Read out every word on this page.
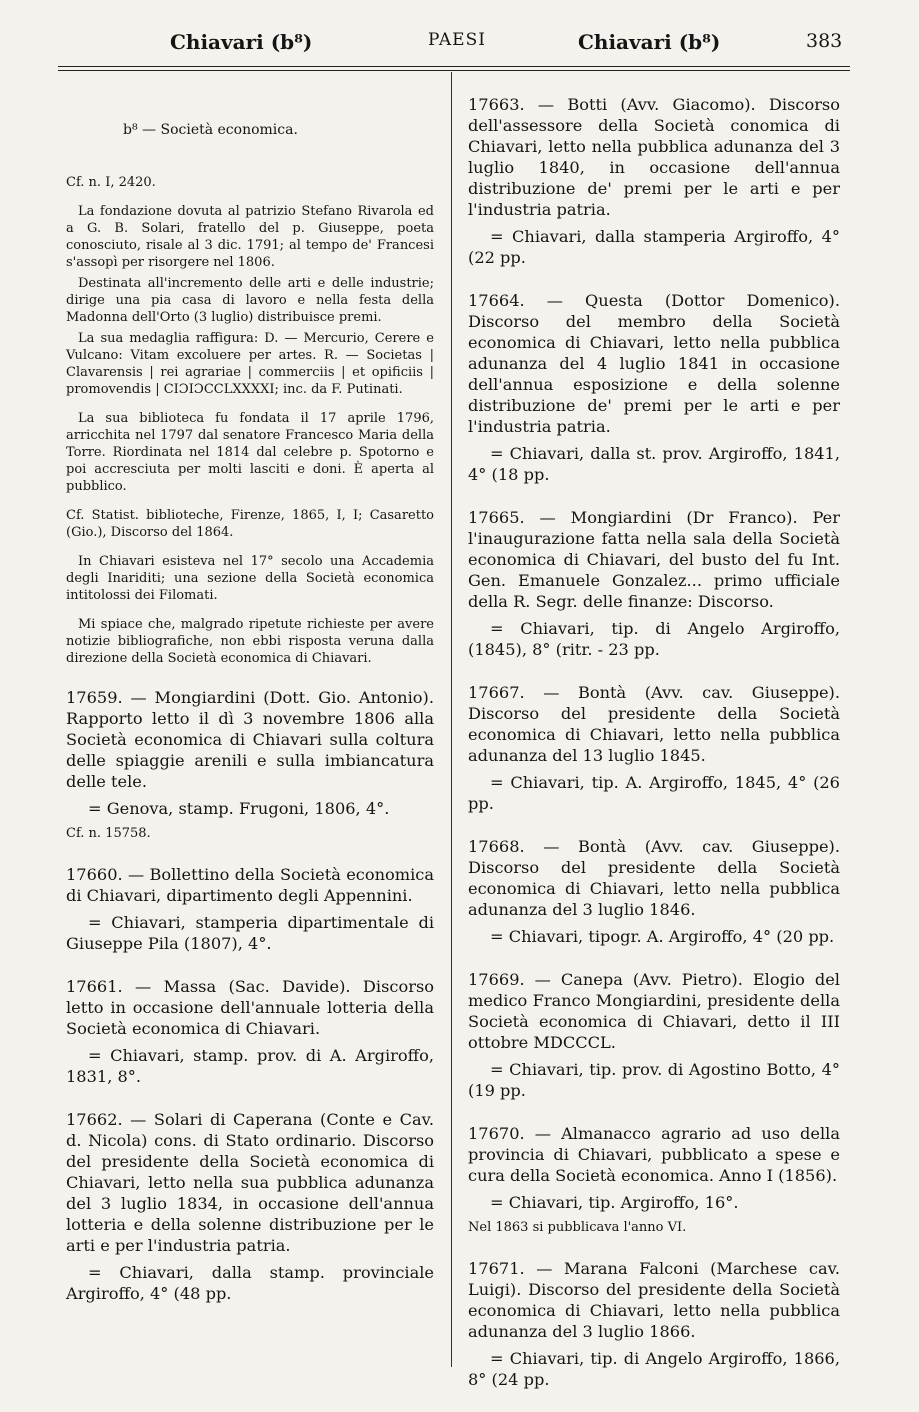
Chiavari (b⁸)	PAESI	Chiavari (b⁸)	383
b⁸ — Società economica.

Cf. n. I, 2420.

La fondazione dovuta al patrizio Stefano Rivarola ed a G. B. Solari, fratello del p. Giuseppe, poeta conosciuto, risale al 3 dic. 1791; al tempo de' Francesi s'assopì per risorgere nel 1806.

Destinata all'incremento delle arti e delle industrie; dirige una pia casa di lavoro e nella festa della Madonna dell'Orto (3 luglio) distribuisce premi.

La sua medaglia raffigura: D. — Mercurio, Cerere e Vulcano: Vitam excoluere per artes. R. — Societas | Clavarensis | rei agrariae | commerciis | et opificiis | promovendis | CIƆIƆCCLXXXXI; inc. da F. Putinati.

La sua biblioteca fu fondata il 17 aprile 1796, arricchita nel 1797 dal senatore Francesco Maria della Torre. Riordinata nel 1814 dal celebre p. Spotorno e poi accresciuta per molti lasciti e doni. È aperta al pubblico.

Cf. Statist. biblioteche, Firenze, 1865, I, I; Casaretto (Gio.), Discorso del 1864.

In Chiavari esisteva nel 17° secolo una Accademia degli Inariditi; una sezione della Società economica intitolossi dei Filomati.

Mi spiace che, malgrado ripetute richieste per avere notizie bibliografiche, non ebbi risposta veruna dalla direzione della Società economica di Chiavari.

17659. — Mongiardini (Dott. Gio. Antonio). Rapporto letto il dì 3 novembre 1806 alla Società economica di Chiavari sulla coltura delle spiaggie arenili e sulla imbiancatura delle tele.

= Genova, stamp. Frugoni, 1806, 4°.

Cf. n. 15758.

17660. — Bollettino della Società economica di Chiavari, dipartimento degli Appennini.

= Chiavari, stamperia dipartimentale di Giuseppe Pila (1807), 4°.

17661. — Massa (Sac. Davide). Discorso letto in occasione dell'annuale lotteria della Società economica di Chiavari.

= Chiavari, stamp. prov. di A. Argiroffo, 1831, 8°.

17662. — Solari di Caperana (Conte e Cav. d. Nicola) cons. di Stato ordinario. Discorso del presidente della Società economica di Chiavari, letto nella sua pubblica adunanza del 3 luglio 1834, in occasione dell'annua lotteria e della solenne distribuzione per le arti e per l'industria patria.

= Chiavari, dalla stamp. provinciale Argiroffo, 4° (48 pp.

17663. — Botti (Avv. Giacomo). Discorso dell'assessore della Società conomica di Chiavari, letto nella pubblica adunanza del 3 luglio 1840, in occasione dell'annua distribuzione de' premi per le arti e per l'industria patria.

= Chiavari, dalla stamperia Argiroffo, 4° (22 pp.

17664. — Questa (Dottor Domenico). Discorso del membro della Società economica di Chiavari, letto nella pubblica adunanza del 4 luglio 1841 in occasione dell'annua esposizione e della solenne distribuzione de' premi per le arti e per l'industria patria.

= Chiavari, dalla st. prov. Argiroffo, 1841, 4° (18 pp.

17665. — Mongiardini (Dr Franco). Per l'inaugurazione fatta nella sala della Società economica di Chiavari, del busto del fu Int. Gen. Emanuele Gonzalez... primo ufficiale della R. Segr. delle finanze: Discorso.

= Chiavari, tip. di Angelo Argiroffo, (1845), 8° (ritr. - 23 pp.

17667. — Bontà (Avv. cav. Giuseppe). Discorso del presidente della Società economica di Chiavari, letto nella pubblica adunanza del 13 luglio 1845.

= Chiavari, tip. A. Argiroffo, 1845, 4° (26 pp.

17668. — Bontà (Avv. cav. Giuseppe). Discorso del presidente della Società economica di Chiavari, letto nella pubblica adunanza del 3 luglio 1846.

= Chiavari, tipogr. A. Argiroffo, 4° (20 pp.

17669. — Canepa (Avv. Pietro). Elogio del medico Franco Mongiardini, presidente della Società economica di Chiavari, detto il III ottobre MDCCCL.

= Chiavari, tip. prov. di Agostino Botto, 4° (19 pp.

17670. — Almanacco agrario ad uso della provincia di Chiavari, pubblicato a spese e cura della Società economica. Anno I (1856).

= Chiavari, tip. Argiroffo, 16°.

Nel 1863 si pubblicava l'anno VI.

17671. — Marana Falconi (Marchese cav. Luigi). Discorso del presidente della Società economica di Chiavari, letto nella pubblica adunanza del 3 luglio 1866.

= Chiavari, tip. di Angelo Argiroffo, 1866, 8° (24 pp.
